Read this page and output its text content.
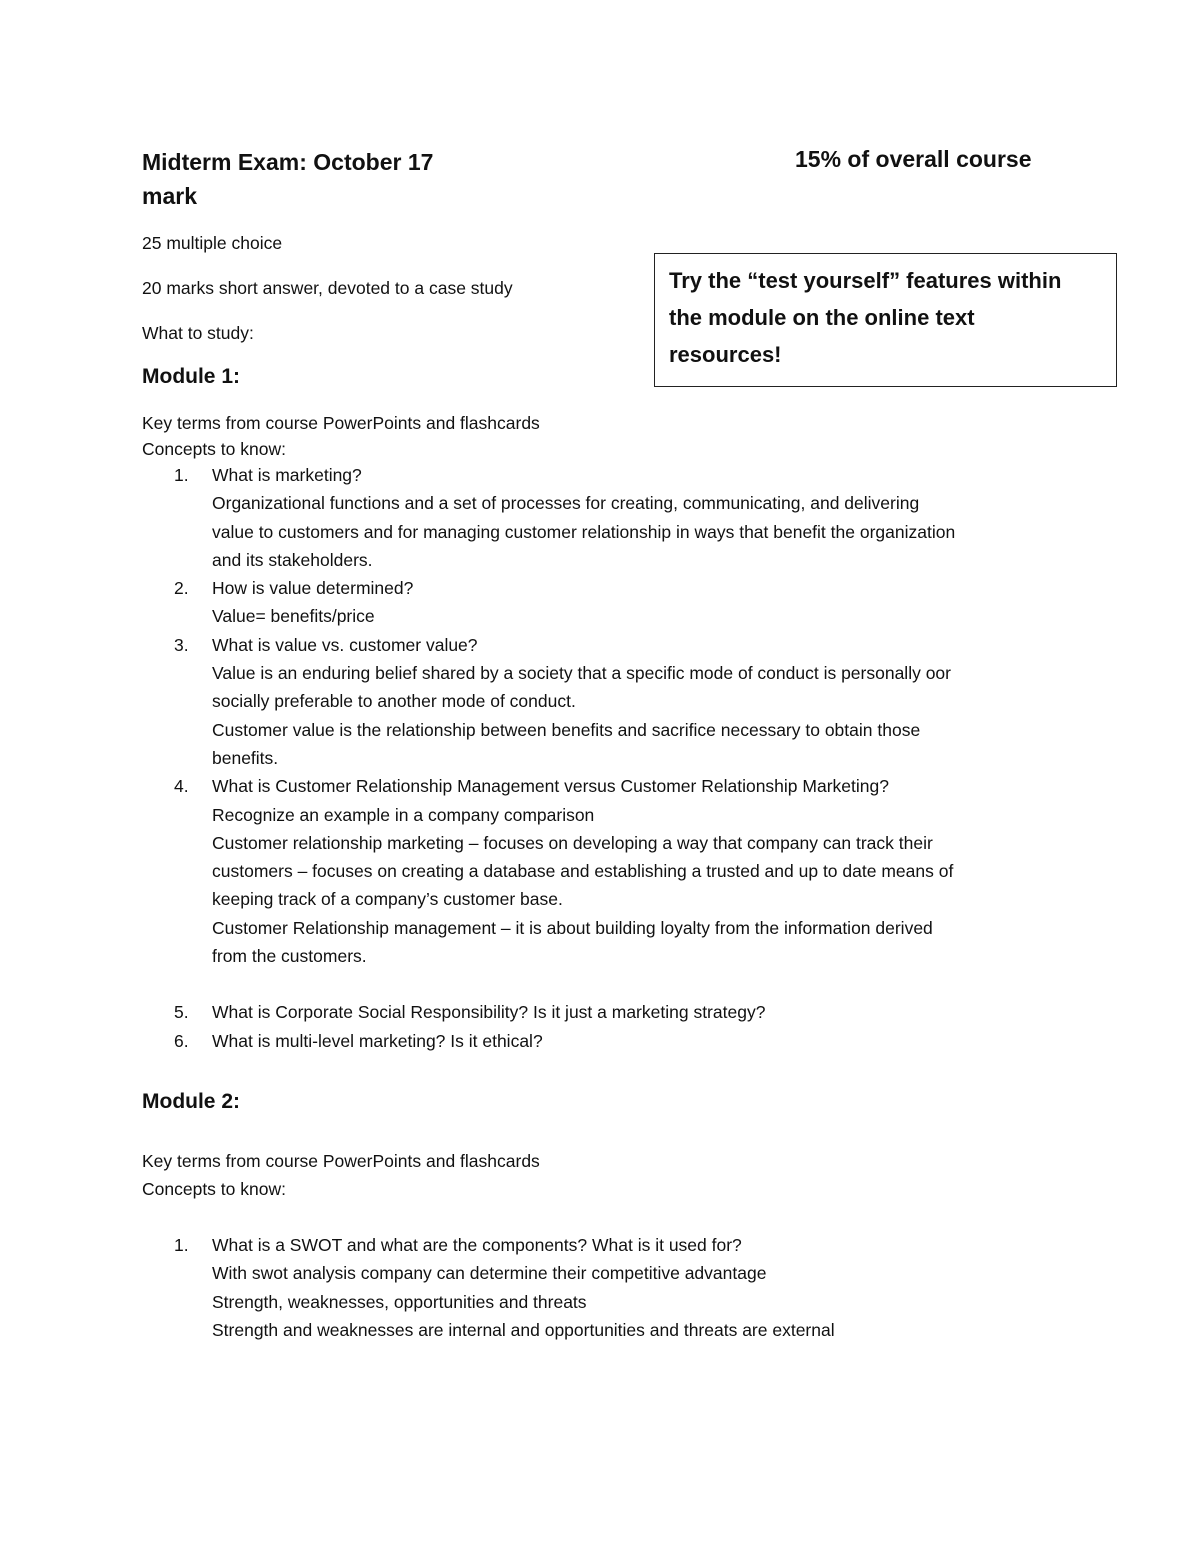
Midterm Exam: October 17	15% of overall course
mark
25 multiple choice
20 marks short answer, devoted to a case study
What to study:
Try the “test yourself” features within
the module on the online text
resources!
Module 1:
Key terms from course PowerPoints and flashcards
Concepts to know:
1.	What is marketing?
Organizational functions and a set of processes for creating, communicating, and delivering
value to customers and for managing customer relationship in ways that benefit the organization
and its stakeholders.
2.	How is value determined?
Value= benefits/price
3.	What is value vs. customer value?
Value is an enduring belief shared by a society that a specific mode of conduct is personally oor
socially preferable to another mode of conduct.
Customer value is the relationship between benefits and sacrifice necessary to obtain those
benefits.
4.	What is Customer Relationship Management versus Customer Relationship Marketing?
Recognize an example in a company comparison
Customer relationship marketing – focuses on developing a way that company can track their
customers – focuses on creating a database and establishing a trusted and up to date means of
keeping track of a company’s customer base.
Customer Relationship management – it is about building loyalty from the information derived
from the customers.
5.	What is Corporate Social Responsibility? Is it just a marketing strategy?
6.	What is multi-level marketing? Is it ethical?
Module 2:
Key terms from course PowerPoints and flashcards
Concepts to know:
1.	What is a SWOT and what are the components? What is it used for?
With swot analysis company can determine their competitive advantage
Strength, weaknesses, opportunities and threats
Strength and weaknesses are internal and opportunities and threats are external
